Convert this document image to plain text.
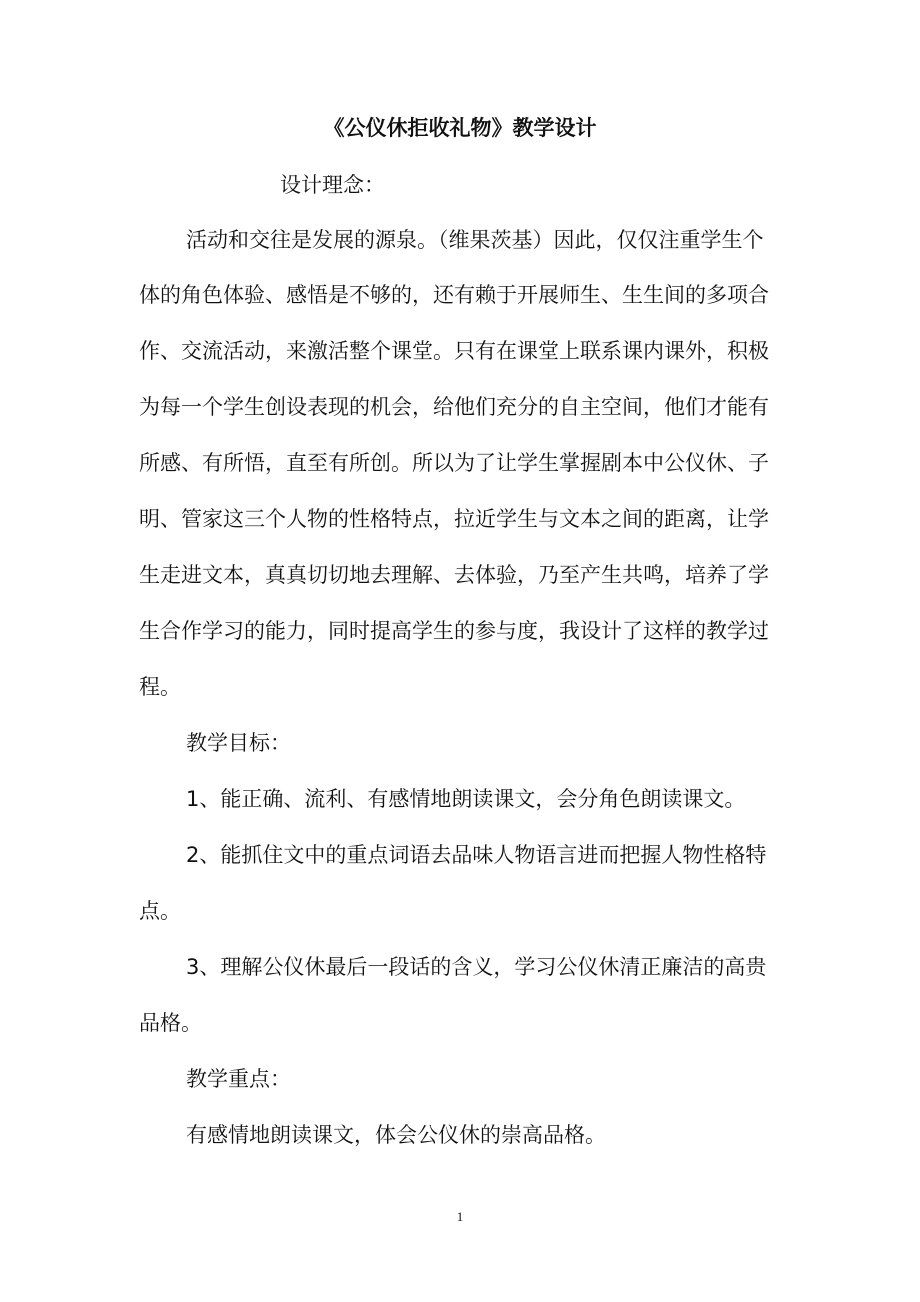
《公仪休拒收礼物》教学设计
设计理念：
活动和交往是发展的源泉。（维果茨基）因此，仅仅注重学生个
体的角色体验、感悟是不够的，还有赖于开展师生、生生间的多项合
作、交流活动，来激活整个课堂。只有在课堂上联系课内课外，积极
为每一个学生创设表现的机会，给他们充分的自主空间，他们才能有
所感、有所悟，直至有所创。所以为了让学生掌握剧本中公仪休、子
明、管家这三个人物的性格特点，拉近学生与文本之间的距离，让学
生走进文本，真真切切地去理解、去体验，乃至产生共鸣，培养了学
生合作学习的能力，同时提高学生的参与度，我设计了这样的教学过
程。
教学目标：
1、能正确、流利、有感情地朗读课文，会分角色朗读课文。
2、能抓住文中的重点词语去品味人物语言进而把握人物性格特
点。
3、理解公仪休最后一段话的含义，学习公仪休清正廉洁的高贵
品格。
教学重点：
有感情地朗读课文，体会公仪休的崇高品格。
1
